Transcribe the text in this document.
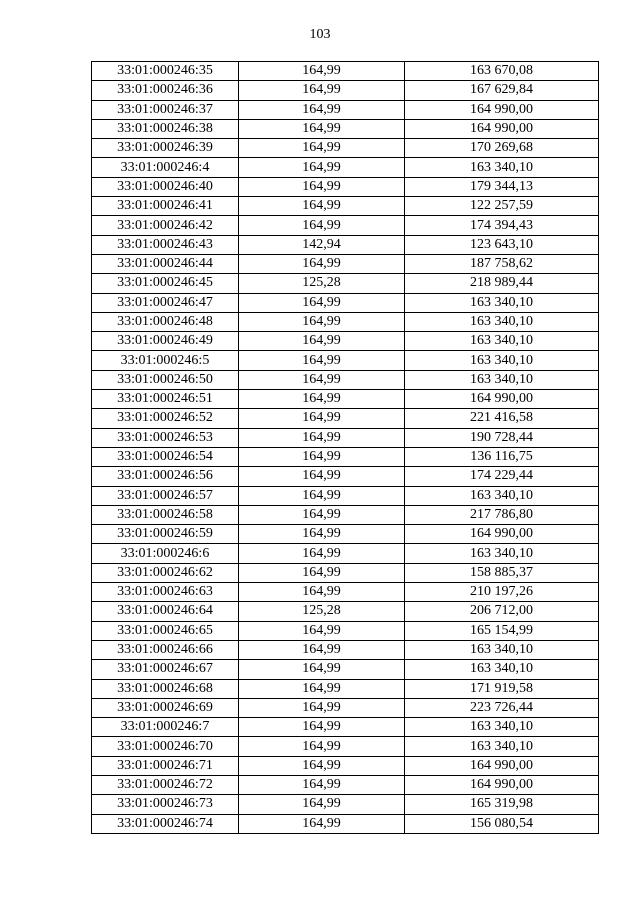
103
33:01:000246:35	164,99	163 670,08
33:01:000246:36	164,99	167 629,84
33:01:000246:37	164,99	164 990,00
33:01:000246:38	164,99	164 990,00
33:01:000246:39	164,99	170 269,68
33:01:000246:4	164,99	163 340,10
33:01:000246:40	164,99	179 344,13
33:01:000246:41	164,99	122 257,59
33:01:000246:42	164,99	174 394,43
33:01:000246:43	142,94	123 643,10
33:01:000246:44	164,99	187 758,62
33:01:000246:45	125,28	218 989,44
33:01:000246:47	164,99	163 340,10
33:01:000246:48	164,99	163 340,10
33:01:000246:49	164,99	163 340,10
33:01:000246:5	164,99	163 340,10
33:01:000246:50	164,99	163 340,10
33:01:000246:51	164,99	164 990,00
33:01:000246:52	164,99	221 416,58
33:01:000246:53	164,99	190 728,44
33:01:000246:54	164,99	136 116,75
33:01:000246:56	164,99	174 229,44
33:01:000246:57	164,99	163 340,10
33:01:000246:58	164,99	217 786,80
33:01:000246:59	164,99	164 990,00
33:01:000246:6	164,99	163 340,10
33:01:000246:62	164,99	158 885,37
33:01:000246:63	164,99	210 197,26
33:01:000246:64	125,28	206 712,00
33:01:000246:65	164,99	165 154,99
33:01:000246:66	164,99	163 340,10
33:01:000246:67	164,99	163 340,10
33:01:000246:68	164,99	171 919,58
33:01:000246:69	164,99	223 726,44
33:01:000246:7	164,99	163 340,10
33:01:000246:70	164,99	163 340,10
33:01:000246:71	164,99	164 990,00
33:01:000246:72	164,99	164 990,00
33:01:000246:73	164,99	165 319,98
33:01:000246:74	164,99	156 080,54
